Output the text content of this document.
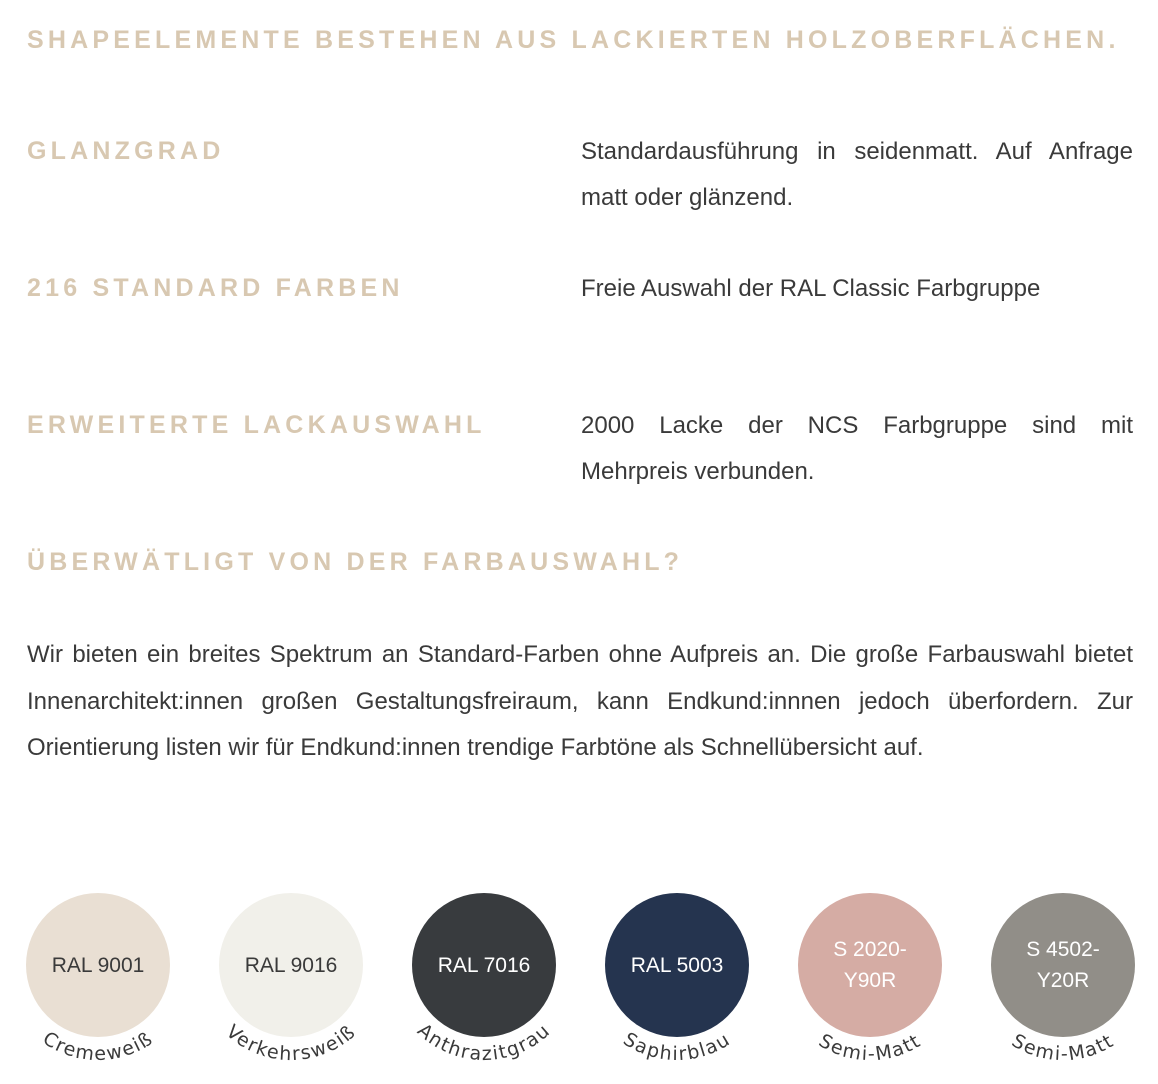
SHAPEELEMENTE BESTEHEN AUS LACKIERTEN HOLZOBERFLÄCHEN.
GLANZGRAD	Standardausführung in seidenmatt. Auf Anfrage matt oder glänzend.
216 STANDARD FARBEN	Freie Auswahl der RAL Classic Farbgruppe
ERWEITERTE LACKAUSWAHL	2000 Lacke der NCS Farbgruppe sind mit Mehrpreis verbunden.
ÜBERWÄTLIGT VON DER FARBAUSWAHL?
Wir bieten ein breites Spektrum an Standard-Farben ohne Aufpreis an. Die große Farbauswahl bietet Innenarchitekt:innen großen Gestaltungsfreiraum, kann Endkund:innnen jedoch überfordern. Zur Orientierung listen wir für Endkund:innen trendige Farbtöne als Schnellübersicht auf.
RAL 9001
Cremeweiß
RAL 9016
Verkehrsweiß
RAL 7016
Anthrazitgrau
RAL 5003
Saphirblau
S 2020-
Y90R
Semi-Matt
S 4502-
Y20R
Semi-Matt
